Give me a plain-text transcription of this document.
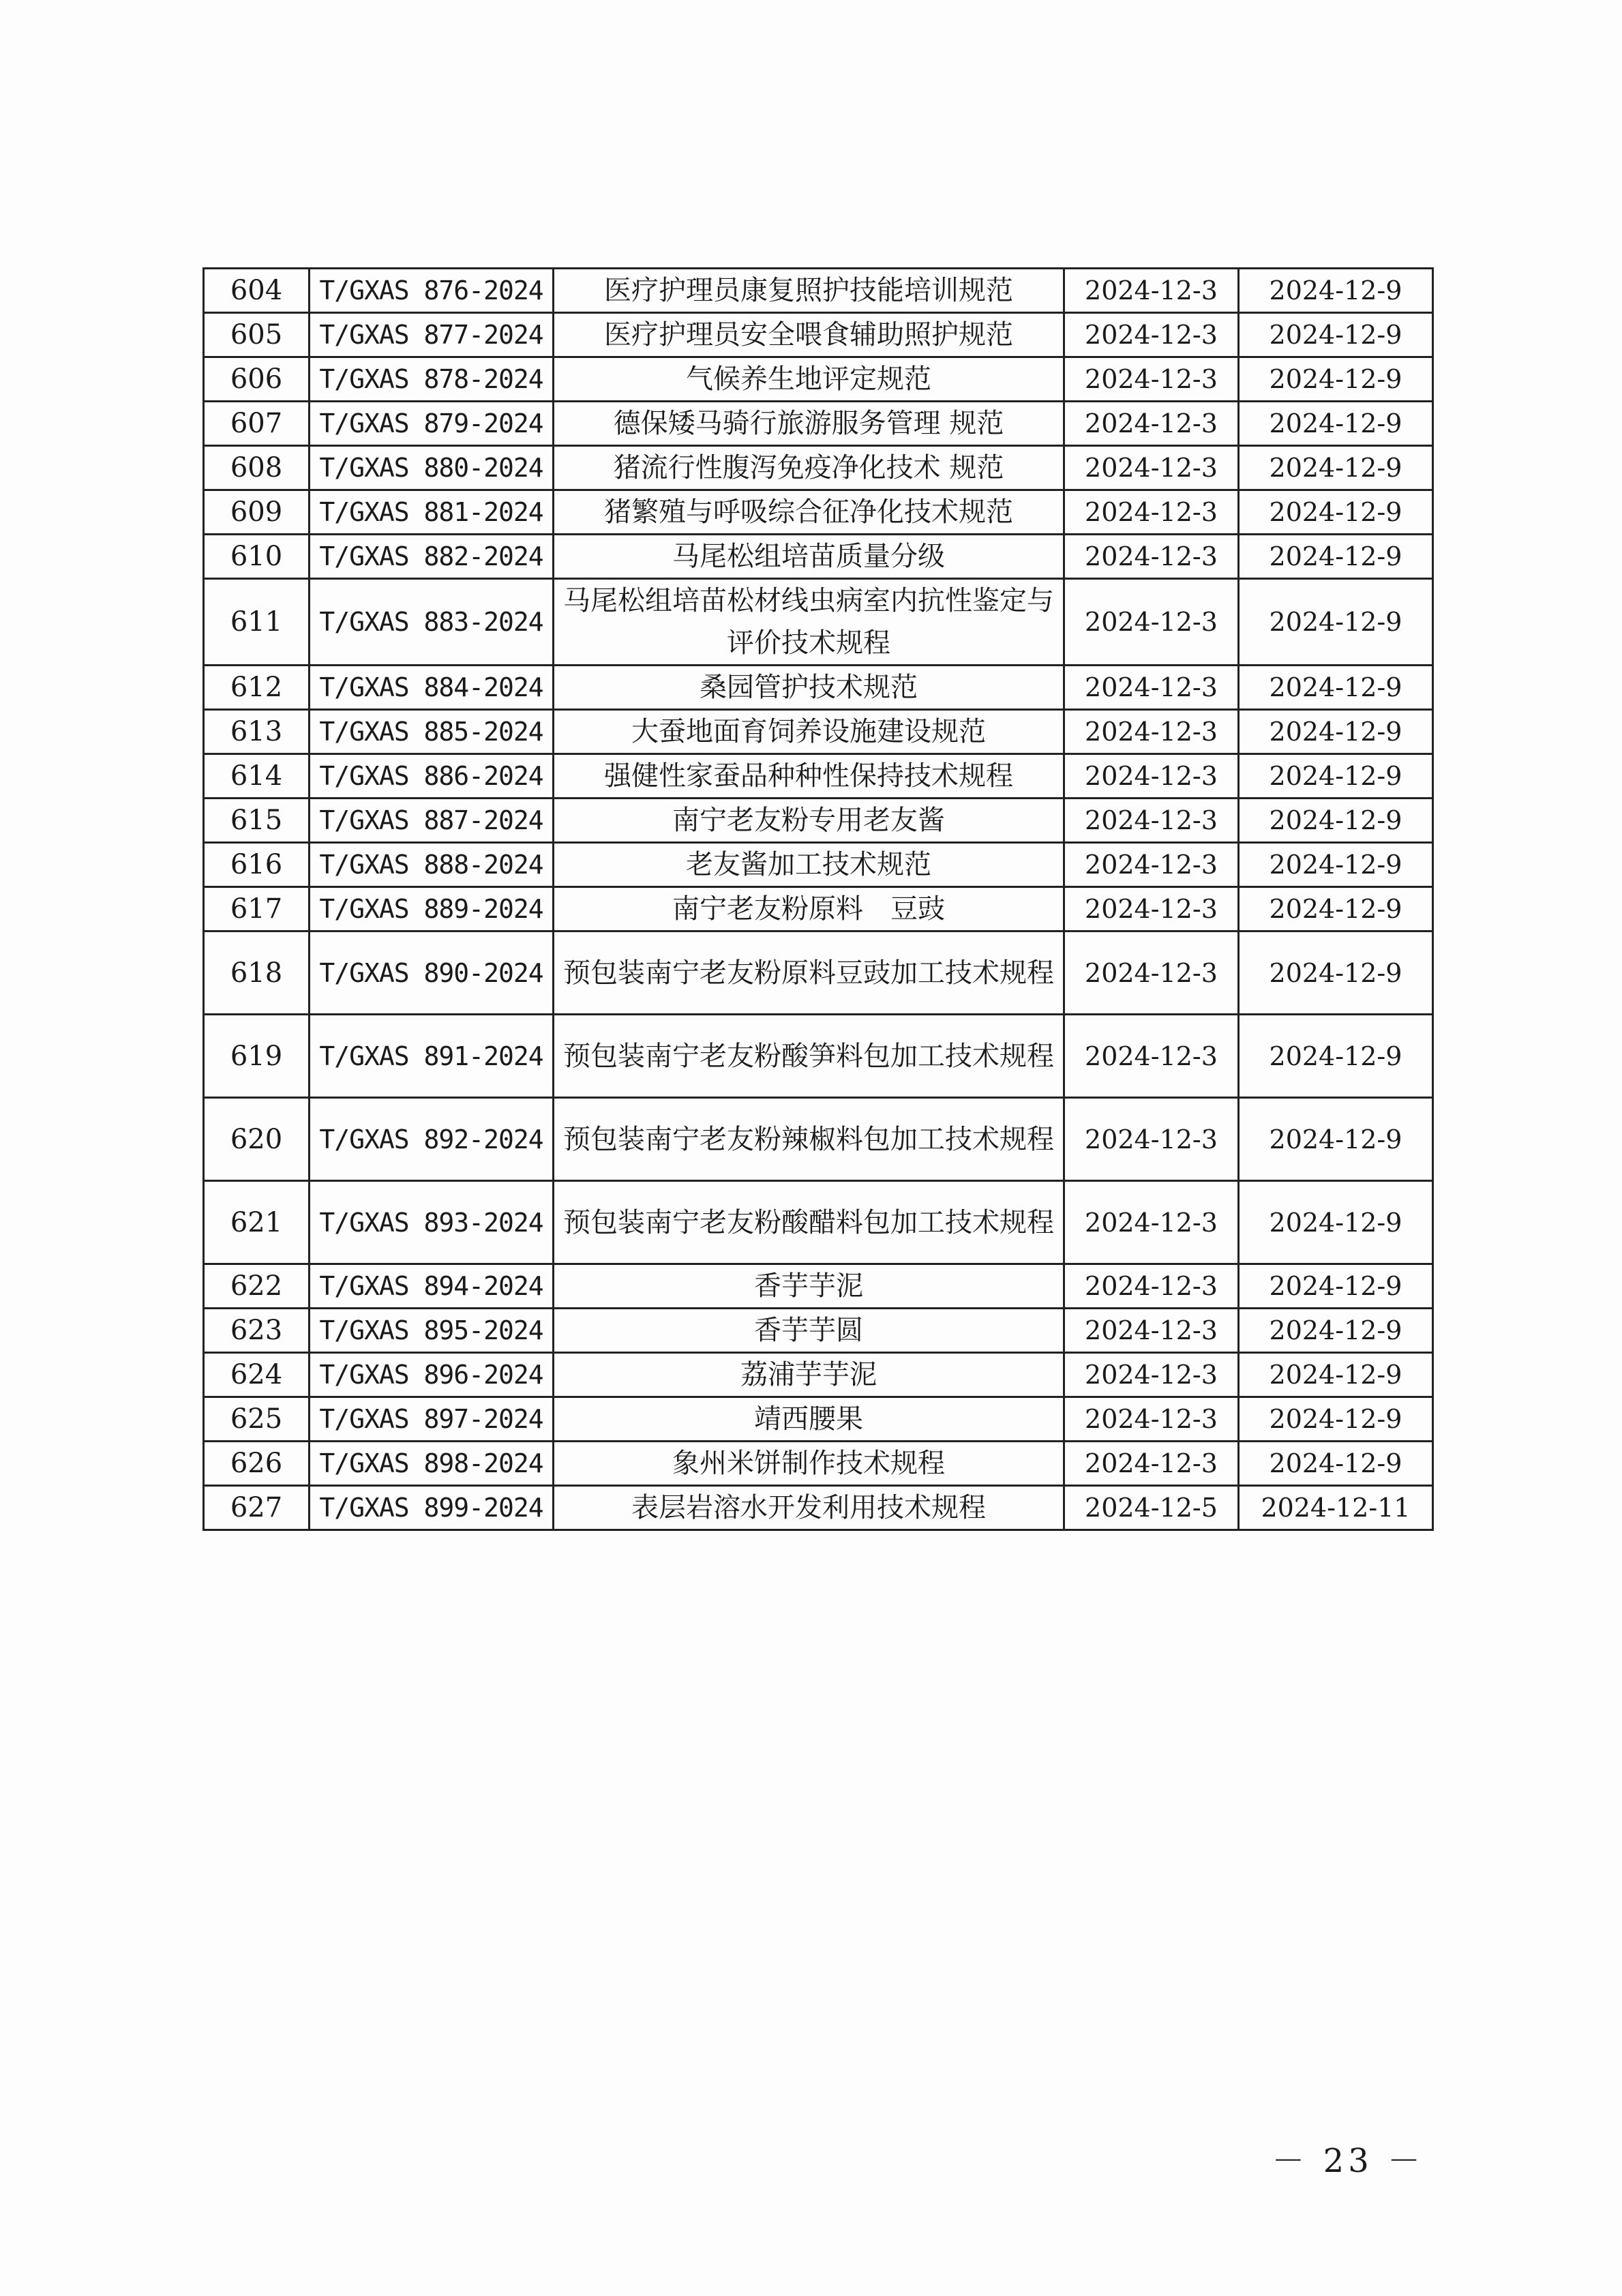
604	T/GXAS 876-2024	医疗护理员康复照护技能培训规范	2024-12-3	2024-12-9
605	T/GXAS 877-2024	医疗护理员安全喂食辅助照护规范	2024-12-3	2024-12-9
606	T/GXAS 878-2024	气候养生地评定规范	2024-12-3	2024-12-9
607	T/GXAS 879-2024	德保矮马骑行旅游服务管理 规范	2024-12-3	2024-12-9
608	T/GXAS 880-2024	猪流行性腹泻免疫净化技术 规范	2024-12-3	2024-12-9
609	T/GXAS 881-2024	猪繁殖与呼吸综合征净化技术规范	2024-12-3	2024-12-9
610	T/GXAS 882-2024	马尾松组培苗质量分级	2024-12-3	2024-12-9
611	T/GXAS 883-2024	马尾松组培苗松材线虫病室内抗性鉴定与评价技术规程	2024-12-3	2024-12-9
612	T/GXAS 884-2024	桑园管护技术规范	2024-12-3	2024-12-9
613	T/GXAS 885-2024	大蚕地面育饲养设施建设规范	2024-12-3	2024-12-9
614	T/GXAS 886-2024	强健性家蚕品种种性保持技术规程	2024-12-3	2024-12-9
615	T/GXAS 887-2024	南宁老友粉专用老友酱	2024-12-3	2024-12-9
616	T/GXAS 888-2024	老友酱加工技术规范	2024-12-3	2024-12-9
617	T/GXAS 889-2024	南宁老友粉原料　豆豉	2024-12-3	2024-12-9
618	T/GXAS 890-2024	预包装南宁老友粉原料豆豉加工技术规程	2024-12-3	2024-12-9
619	T/GXAS 891-2024	预包装南宁老友粉酸笋料包加工技术规程	2024-12-3	2024-12-9
620	T/GXAS 892-2024	预包装南宁老友粉辣椒料包加工技术规程	2024-12-3	2024-12-9
621	T/GXAS 893-2024	预包装南宁老友粉酸醋料包加工技术规程	2024-12-3	2024-12-9
622	T/GXAS 894-2024	香芋芋泥	2024-12-3	2024-12-9
623	T/GXAS 895-2024	香芋芋圆	2024-12-3	2024-12-9
624	T/GXAS 896-2024	荔浦芋芋泥	2024-12-3	2024-12-9
625	T/GXAS 897-2024	靖西腰果	2024-12-3	2024-12-9
626	T/GXAS 898-2024	象州米饼制作技术规程	2024-12-3	2024-12-9
627	T/GXAS 899-2024	表层岩溶水开发利用技术规程	2024-12-5	2024-12-11
－ 23 －
